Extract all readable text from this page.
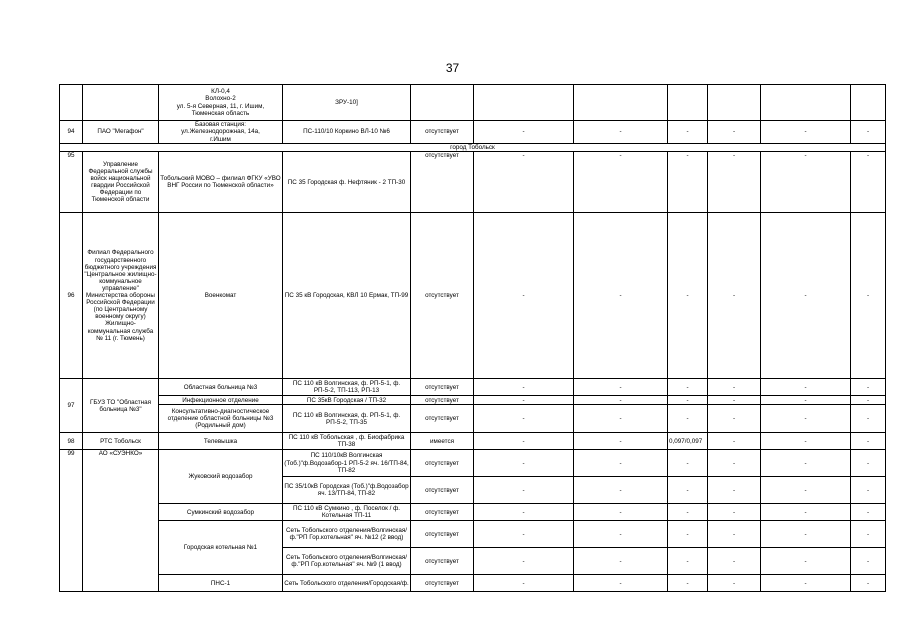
37
		КЛ-0,4
Волохно-2
ул. 5-я Северная, 11, г. Ишим,
Тюменская область	ЗРУ-10]							
94	ПАО "Мегафон"	Базовая станция:
ул.Железнодорожная, 14а,
г.Ишим	ПС-110/10 Коркино ВЛ-10 №6	отсутствует	-	-	-	-	-	-
город Тобольск										
95	Управление Федеральной службы войск национальной гвардии Российской Федерации по Тюменской области	Тобольский МОВО – филиал ФГКУ «УВО ВНГ России по Тюменской области»	ПС 35 Городская ф. Нефтяник - 2 ТП-30	отсутствует	-	-	-	-	-	-
96	Филиал Федерального государственного бюджетного учреждения "Центральное жилищно-коммунальное управление" Министерства обороны Российской Федерации (по Центральному военному округу) Жилищно-коммунальная служба № 11 (г. Тюмень)	Военкомат	ПС 35 кВ Городская, КВЛ 10 Ермак, ТП-99	отсутствует	-	-	-	-	-	-
97	ГБУЗ ТО "Областная больница №3"	Областная больница №3	ПС 110 кВ Волгинская, ф. РП-5-1, ф. РП-5-2, ТП-113, РП-13	отсутствует	-	-	-	-	-	-
		Инфекционное отделение	ПС 35кВ Городская / ТП-32	отсутствует	-	-	-	-	-	-
		Консультативно-диагностическое отделение областной больницы №3 (Родильный дом)	ПС 110 кВ Волгинская, ф. РП-5-1, ф. РП-5-2, ТП-35	отсутствует	-	-	-	-	-	-
98	РТС Тобольск	Телевышка	ПС 110 кВ Тобольская , ф. Биофабрика ТП-38	имеется	-	-	0,097/0,097	-	-	-
99	АО «СУЭНКО»	Жуковский водозабор	ПС 110/10кВ Волгинская (Тоб.)"ф.Водозабор-1 РП-5-2 яч. 16/ТП-84, ТП-82	отсутствует	-	-	-	-	-	-
			ПС 35/10кВ Городская (Тоб.)"ф.Водозабор яч. 13/ТП-84, ТП-82	отсутствует	-	-	-	-	-	-
		Сумкинский водозабор	ПС 110 кВ Сумкино , ф. Поселок / ф. Котельная ТП-11	отсутствует	-	-	-	-	-	-
		Городская котельная №1	Сеть Тобольского отделения/Волгинская/ф."РП Гор.котельная" яч. №12 (2 ввод)	отсутствует	-	-	-	-	-	-
			Сеть Тобольского отделения/Волгинская/ф."РП Гор.котельная" яч. №9 (1 ввод)	отсутствует	-	-	-	-	-	-
		ПНС-1	Сеть Тобольского отделения/Городская/ф.	отсутствует	-	-	-	-	-	-
